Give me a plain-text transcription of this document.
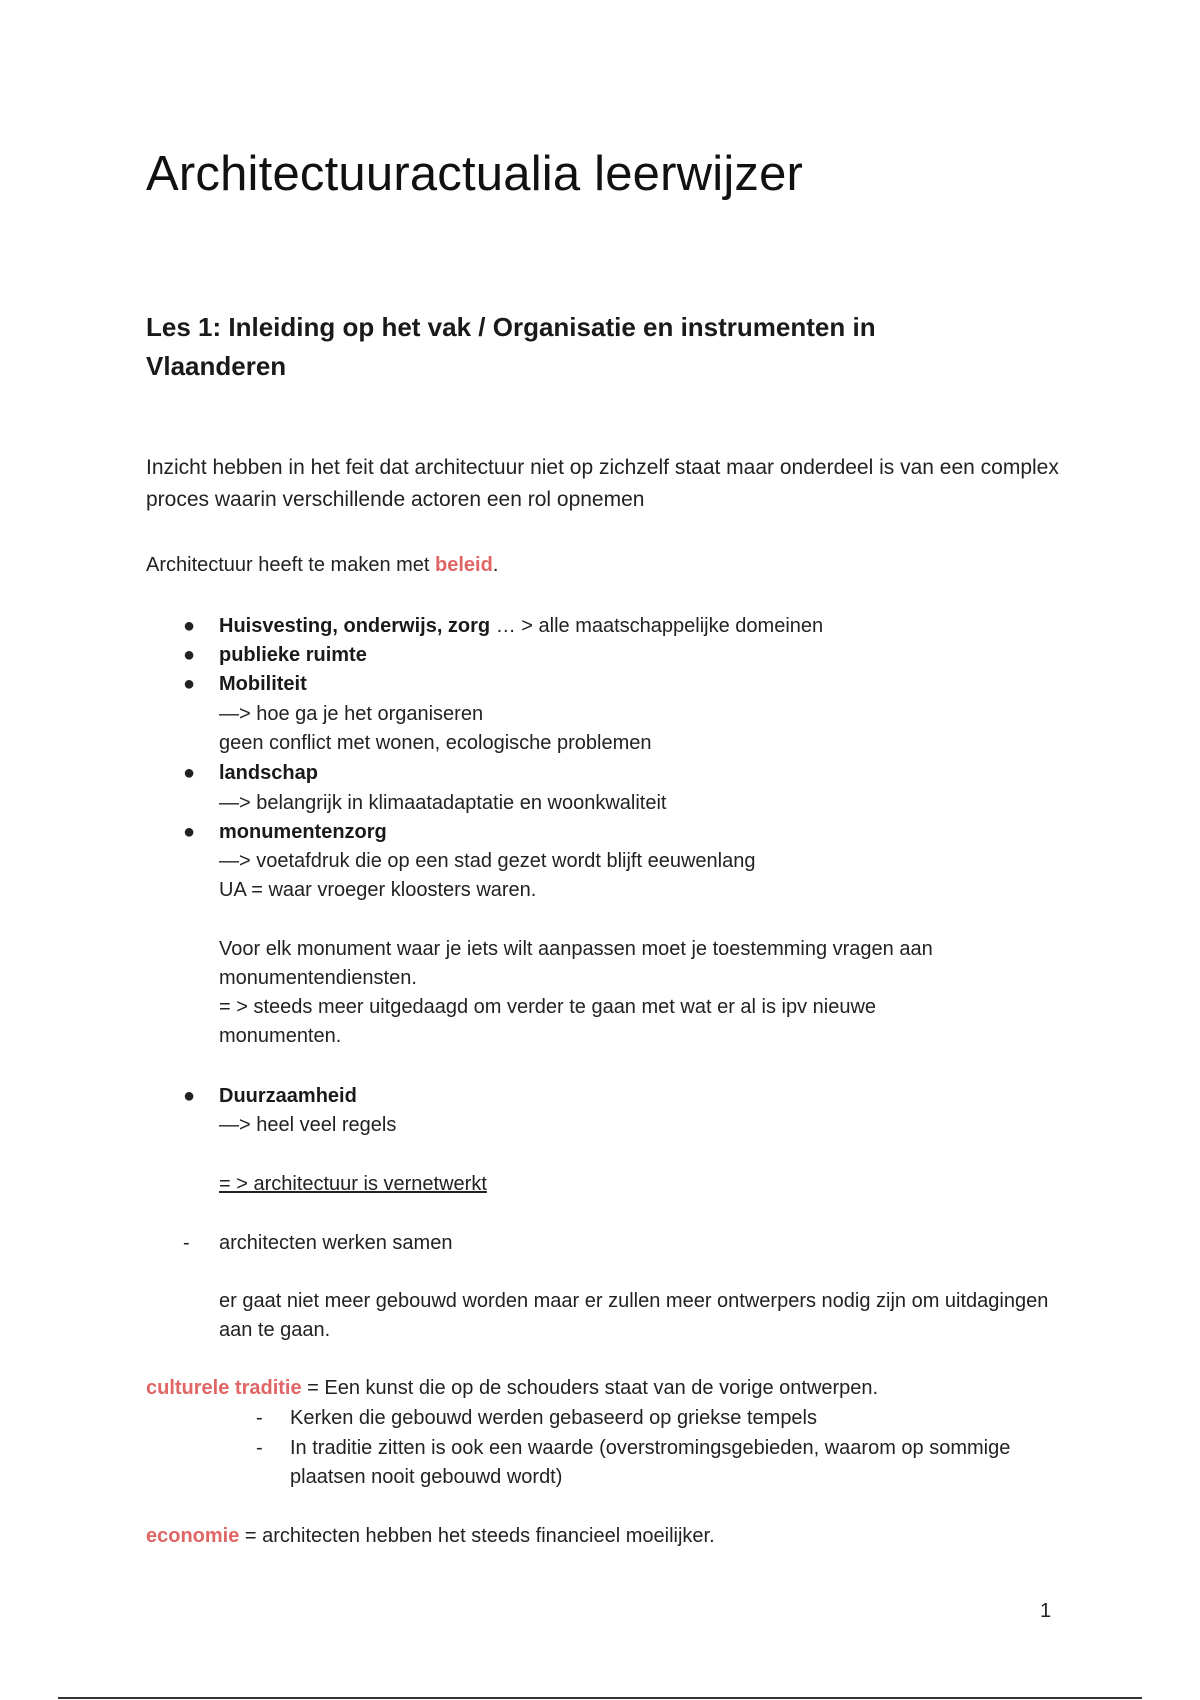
Architectuuractualia leerwijzer
Les 1: Inleiding op het vak / Organisatie en instrumenten in Vlaanderen

Inzicht hebben in het feit dat architectuur niet op zichzelf staat maar onderdeel is van een complex proces waarin verschillende actoren een rol opnemen

Architectuur heeft te maken met beleid.

● Huisvesting, onderwijs, zorg … > alle maatschappelijke domeinen

● publieke ruimte

● Mobiliteit

—> hoe ga je het organiseren

geen conflict met wonen, ecologische problemen

● landschap

—> belangrijk in klimaatadaptatie en woonkwaliteit

● monumentenzorg

—> voetafdruk die op een stad gezet wordt blijft eeuwenlang

UA = waar vroeger kloosters waren.

Voor elk monument waar je iets wilt aanpassen moet je toestemming vragen aan monumentendiensten.

= > steeds meer uitgedaagd om verder te gaan met wat er al is ipv nieuwe monumenten.

● Duurzaamheid

—> heel veel regels

= > architectuur is vernetwerkt

- architecten werken samen

er gaat niet meer gebouwd worden maar er zullen meer ontwerpers nodig zijn om uitdagingen aan te gaan.

culturele traditie = Een kunst die op de schouders staat van de vorige ontwerpen.

- Kerken die gebouwd werden gebaseerd op griekse tempels

- In traditie zitten is ook een waarde (overstromingsgebieden, waarom op sommige plaatsen nooit gebouwd wordt)

economie = architecten hebben het steeds financieel moeilijker.

1
